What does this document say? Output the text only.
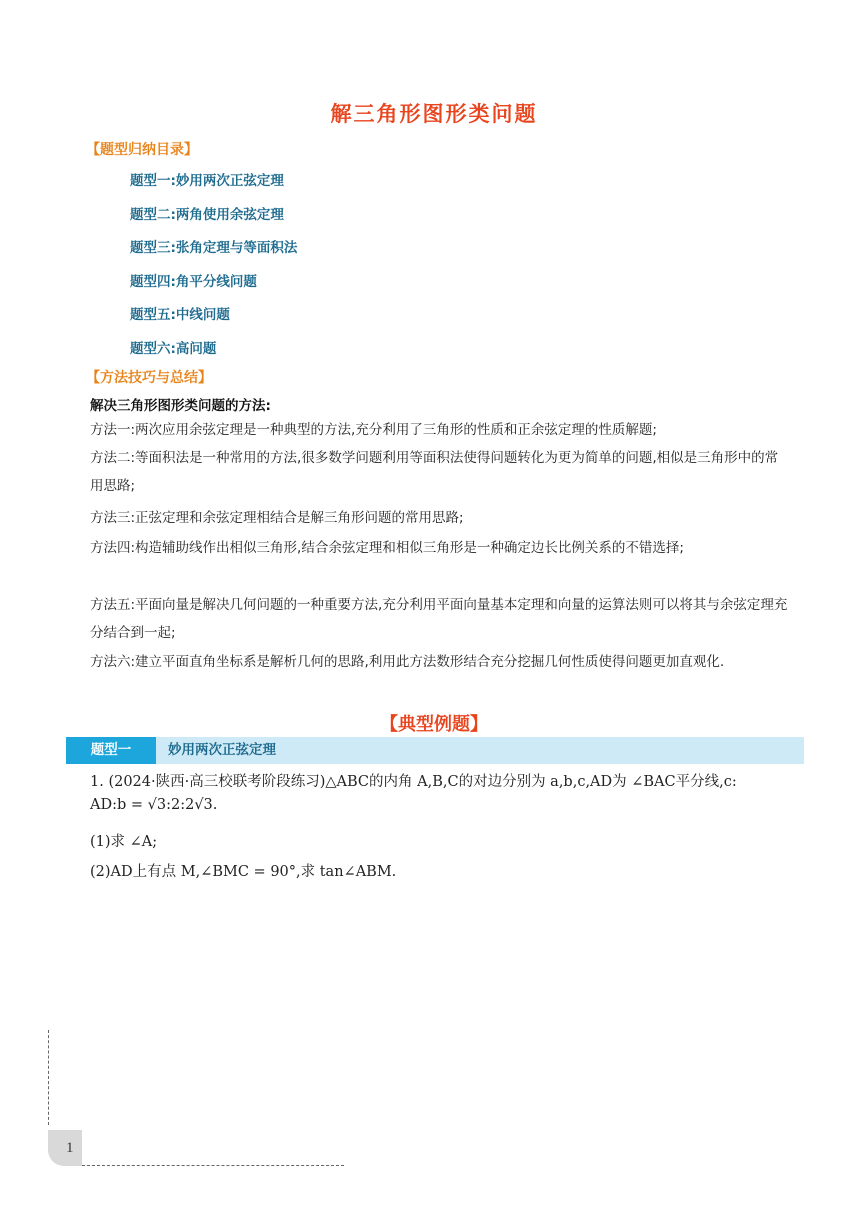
解三角形图形类问题
【题型归纳目录】
题型一:妙用两次正弦定理
题型二:两角使用余弦定理
题型三:张角定理与等面积法
题型四:角平分线问题
题型五:中线问题
题型六:高问题
【方法技巧与总结】
解决三角形图形类问题的方法:
方法一:两次应用余弦定理是一种典型的方法,充分利用了三角形的性质和正余弦定理的性质解题;
方法二:等面积法是一种常用的方法,很多数学问题利用等面积法使得问题转化为更为简单的问题,相似是三角形中的常用思路;
方法三:正弦定理和余弦定理相结合是解三角形问题的常用思路;
方法四:构造辅助线作出相似三角形,结合余弦定理和相似三角形是一种确定边长比例关系的不错选择;
方法五:平面向量是解决几何问题的一种重要方法,充分利用平面向量基本定理和向量的运算法则可以将其与余弦定理充分结合到一起;
方法六:建立平面直角坐标系是解析几何的思路,利用此方法数形结合充分挖掘几何性质使得问题更加直观化.
【典型例题】
题型一	妙用两次正弦定理
1. (2024·陕西·高三校联考阶段练习)△ABC的内角 A,B,C的对边分别为 a,b,c,AD为 ∠BAC平分线,c:
AD:b = √3:2:2√3.
(1)求 ∠A;
(2)AD上有点 M,∠BMC = 90°,求 tan∠ABM.
1
